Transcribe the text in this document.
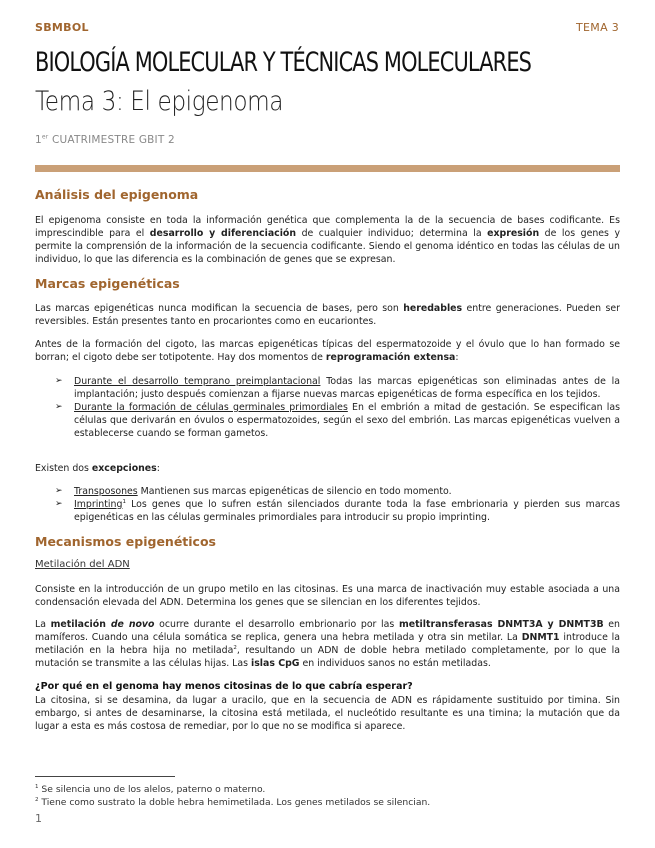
SBMBOL	TEMA 3
BIOLOGÍA MOLECULAR Y TÉCNICAS MOLECULARES
Tema 3: El epigenoma
1er CUATRIMESTRE GBIT 2
Análisis del epigenoma
El epigenoma consiste en toda la información genética que complementa la de la secuencia de bases codificante. Es imprescindible para el desarrollo y diferenciación de cualquier individuo; determina la expresión de los genes y permite la comprensión de la información de la secuencia codificante. Siendo el genoma idéntico en todas las células de un individuo, lo que las diferencia es la combinación de genes que se expresan.
Marcas epigenéticas
Las marcas epigenéticas nunca modifican la secuencia de bases, pero son heredables entre generaciones. Pueden ser reversibles. Están presentes tanto en procariontes como en eucariontes.
Antes de la formación del cigoto, las marcas epigenéticas típicas del espermatozoide y el óvulo que lo han formado se borran; el cigoto debe ser totipotente. Hay dos momentos de reprogramación extensa:
➢ Durante el desarrollo temprano preimplantacional Todas las marcas epigenéticas son eliminadas antes de la implantación; justo después comienzan a fijarse nuevas marcas epigenéticas de forma específica en los tejidos.
➢ Durante la formación de células germinales primordiales En el embrión a mitad de gestación. Se especifican las células que derivarán en óvulos o espermatozoides, según el sexo del embrión. Las marcas epigenéticas vuelven a establecerse cuando se forman gametos.
Existen dos excepciones:
➢ Transposones Mantienen sus marcas epigenéticas de silencio en todo momento.
➢ Imprinting$^1$ Los genes que lo sufren están silenciados durante toda la fase embrionaria y pierden sus marcas epigenéticas en las células germinales primordiales para introducir su propio imprinting.
Mecanismos epigenéticos
Metilación del ADN
Consiste en la introducción de un grupo metilo en las citosinas. Es una marca de inactivación muy estable asociada a una condensación elevada del ADN. Determina los genes que se silencian en los diferentes tejidos.
La metilación de novo ocurre durante el desarrollo embrionario por las metiltransferasas DNMT3A y DNMT3B en mamíferos. Cuando una célula somática se replica, genera una hebra metilada y otra sin metilar. La DNMT1 introduce la metilación en la hebra hija no metilada$^2$, resultando un ADN de doble hebra metilado completamente, por lo que la mutación se transmite a las células hijas. Las islas CpG en individuos sanos no están metiladas.
¿Por qué en el genoma hay menos citosinas de lo que cabría esperar?
La citosina, si se desamina, da lugar a uracilo, que en la secuencia de ADN es rápidamente sustituido por timina. Sin embargo, si antes de desaminarse, la citosina está metilada, el nucleótido resultante es una timina; la mutación que da lugar a esta es más costosa de remediar, por lo que no se modifica si aparece.
$^1$ Se silencia uno de los alelos, paterno o materno.
$^2$ Tiene como sustrato la doble hebra hemimetilada. Los genes metilados se silencian.
1
